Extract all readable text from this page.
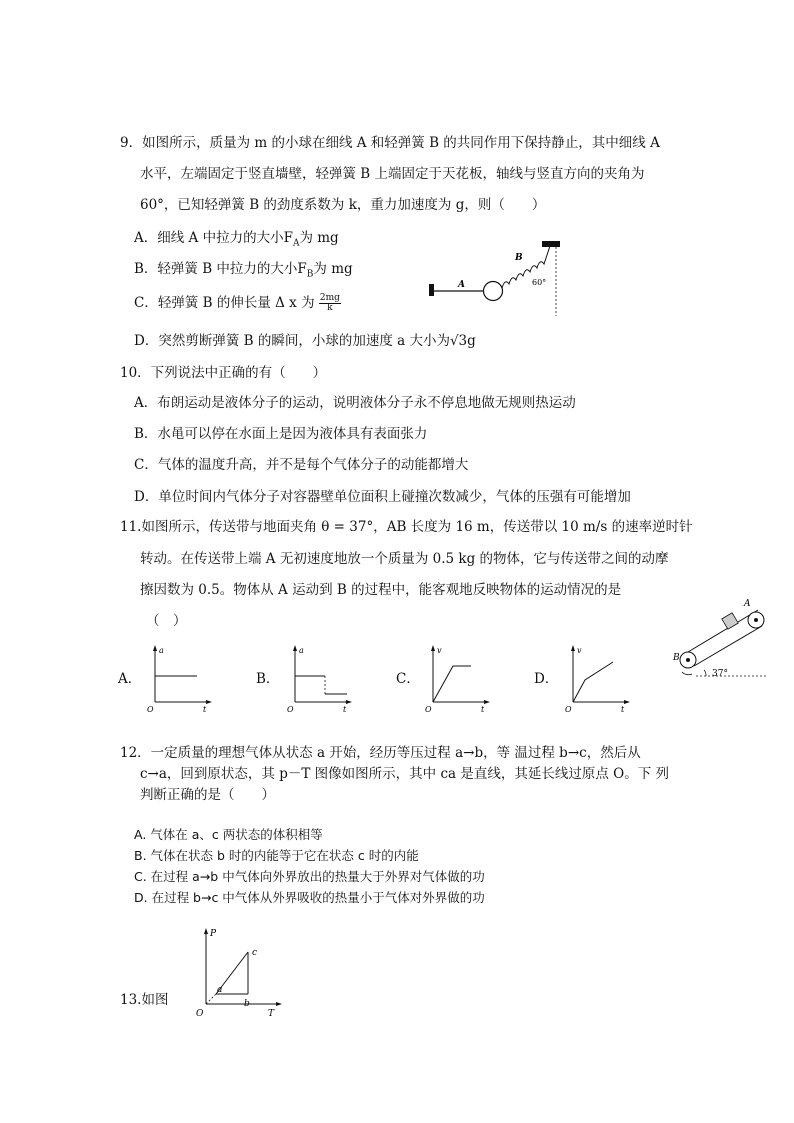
9．如图所示，质量为 m 的小球在细线 A 和轻弹簧 B 的共同作用下保持静止，其中细线 A
水平，左端固定于竖直墙壁，轻弹簧 B 上端固定于天花板，轴线与竖直方向的夹角为
60°，已知轻弹簧 B 的劲度系数为 k，重力加速度为 g，则（　　）
A．细线 A 中拉力的大小$F_A$为 mg
B．轻弹簧 B 中拉力的大小$F_B$为 mg
C．轻弹簧 B 的伸长量 Δ x 为 $\frac{2mg}{k}$
D．突然剪断弹簧 B 的瞬间，小球的加速度 a 大小为√3g
A
B
60°
10．下列说法中正确的有（　　）
A．布朗运动是液体分子的运动，说明液体分子永不停息地做无规则热运动
B．水黾可以停在水面上是因为液体具有表面张力
C．气体的温度升高，并不是每个气体分子的动能都增大
D．单位时间内气体分子对容器壁单位面积上碰撞次数减少，气体的压强有可能增加
11.如图所示，传送带与地面夹角 θ = 37°，AB 长度为 16 m，传送带以 10 m/s 的速率逆时针
转动。在传送带上端 A 无初速度地放一个质量为 0.5 kg 的物体，它与传送带之间的动摩
擦因数为 0.5。物体从 A 运动到 B 的过程中，能客观地反映物体的运动情况的是
（　）
A．
a
t
O
B．
a
t
O
C．
v
t
O
D．
v
t
O
A
B
37°
12．一定质量的理想气体从状态 a 开始，经历等压过程 a→b，等 温过程 b→c，然后从
c→a，回到原状态，其 p－T 图像如图所示，其中 ca 是直线，其延长线过原点 O。下 列
判断正确的是（　　）
A. 气体在 a、c 两状态的体积相等
B. 气体在状态 b 时的内能等于它在状态 c 时的内能
C. 在过程 a→b 中气体向外界放出的热量大于外界对气体做的功
D. 在过程 b→c 中气体从外界吸收的热量小于气体对外界做的功
P
T
O
a
b
c
13.如图
